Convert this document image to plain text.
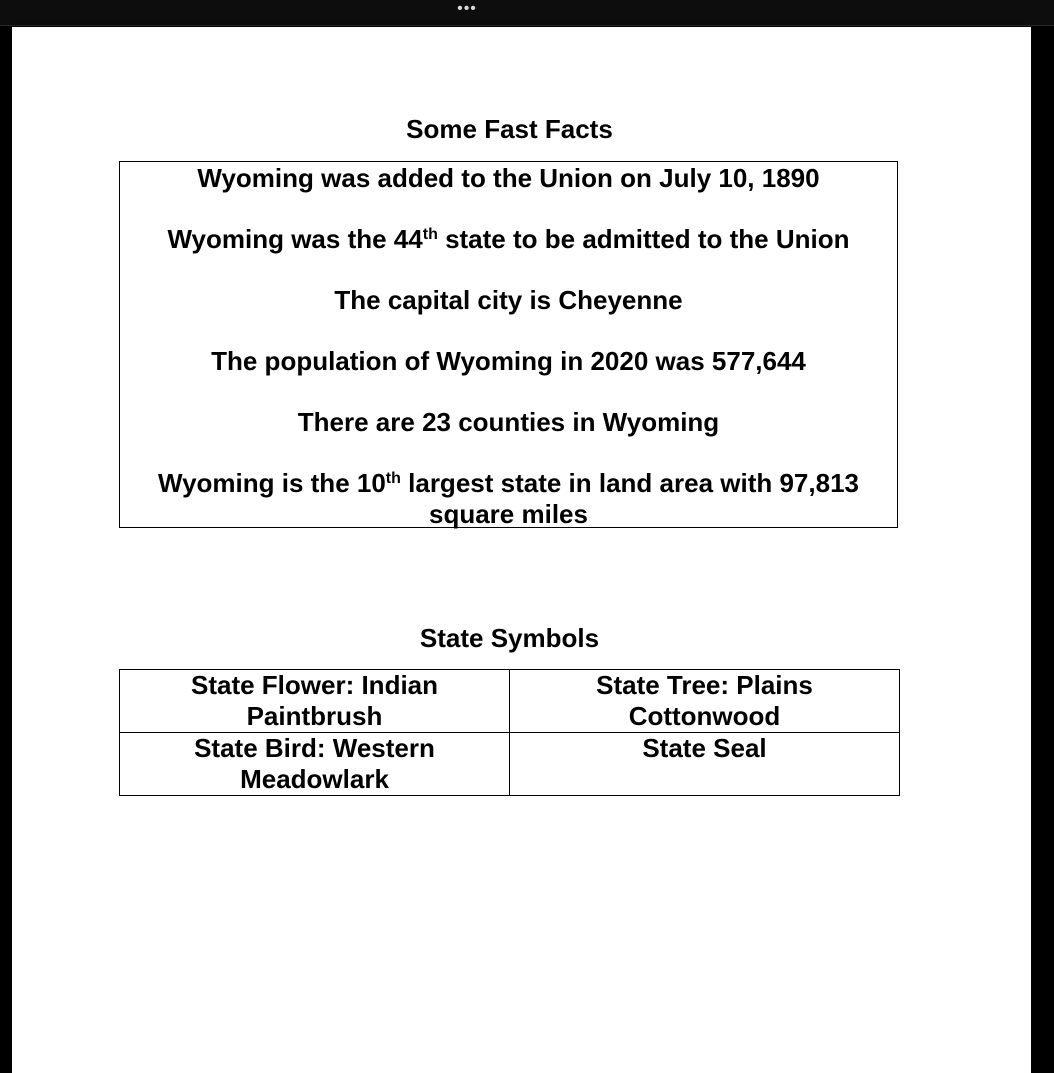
•••
Some Fast Facts

Wyoming was added to the Union on July 10, 1890

Wyoming was the 44th state to be admitted to the Union

The capital city is Cheyenne

The population of Wyoming in 2020 was 577,644

There are 23 counties in Wyoming

Wyoming is the 10th largest state in land area with 97,813 square miles

State Symbols
State Flower: Indian Paintbrush	State Tree: Plains Cottonwood
State Bird: Western Meadowlark	State Seal
